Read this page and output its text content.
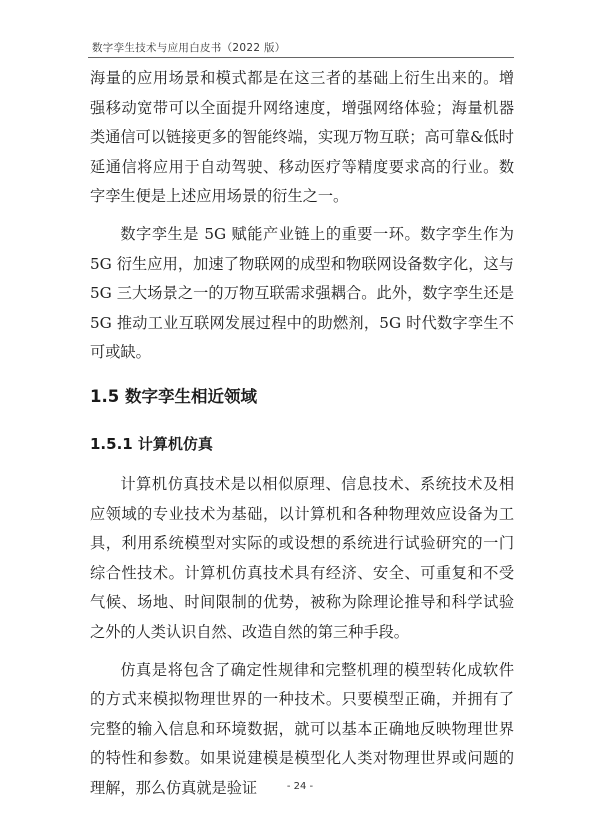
数字孪生技术与应用白皮书（2022 版）

海量的应用场景和模式都是在这三者的基础上衍生出来的。增强移动宽带可以全面提升网络速度，增强网络体验；海量机器类通信可以链接更多的智能终端，实现万物互联；高可靠&低时延通信将应用于自动驾驶、移动医疗等精度要求高的行业。数字孪生便是上述应用场景的衍生之一。

数字孪生是 5G 赋能产业链上的重要一环。数字孪生作为 5G 衍生应用，加速了物联网的成型和物联网设备数字化，这与 5G 三大场景之一的万物互联需求强耦合。此外，数字孪生还是 5G 推动工业互联网发展过程中的助燃剂，5G 时代数字孪生不可或缺。

1.5 数字孪生相近领域
1.5.1 计算机仿真

计算机仿真技术是以相似原理、信息技术、系统技术及相应领域的专业技术为基础，以计算机和各种物理效应设备为工具，利用系统模型对实际的或设想的系统进行试验研究的一门综合性技术。计算机仿真技术具有经济、安全、可重复和不受气候、场地、时间限制的优势，被称为除理论推导和科学试验之外的人类认识自然、改造自然的第三种手段。

仿真是将包含了确定性规律和完整机理的模型转化成软件的方式来模拟物理世界的一种技术。只要模型正确，并拥有了完整的输入信息和环境数据，就可以基本正确地反映物理世界的特性和参数。如果说建模是模型化人类对物理世界或问题的理解，那么仿真就是验证	- 24 -
